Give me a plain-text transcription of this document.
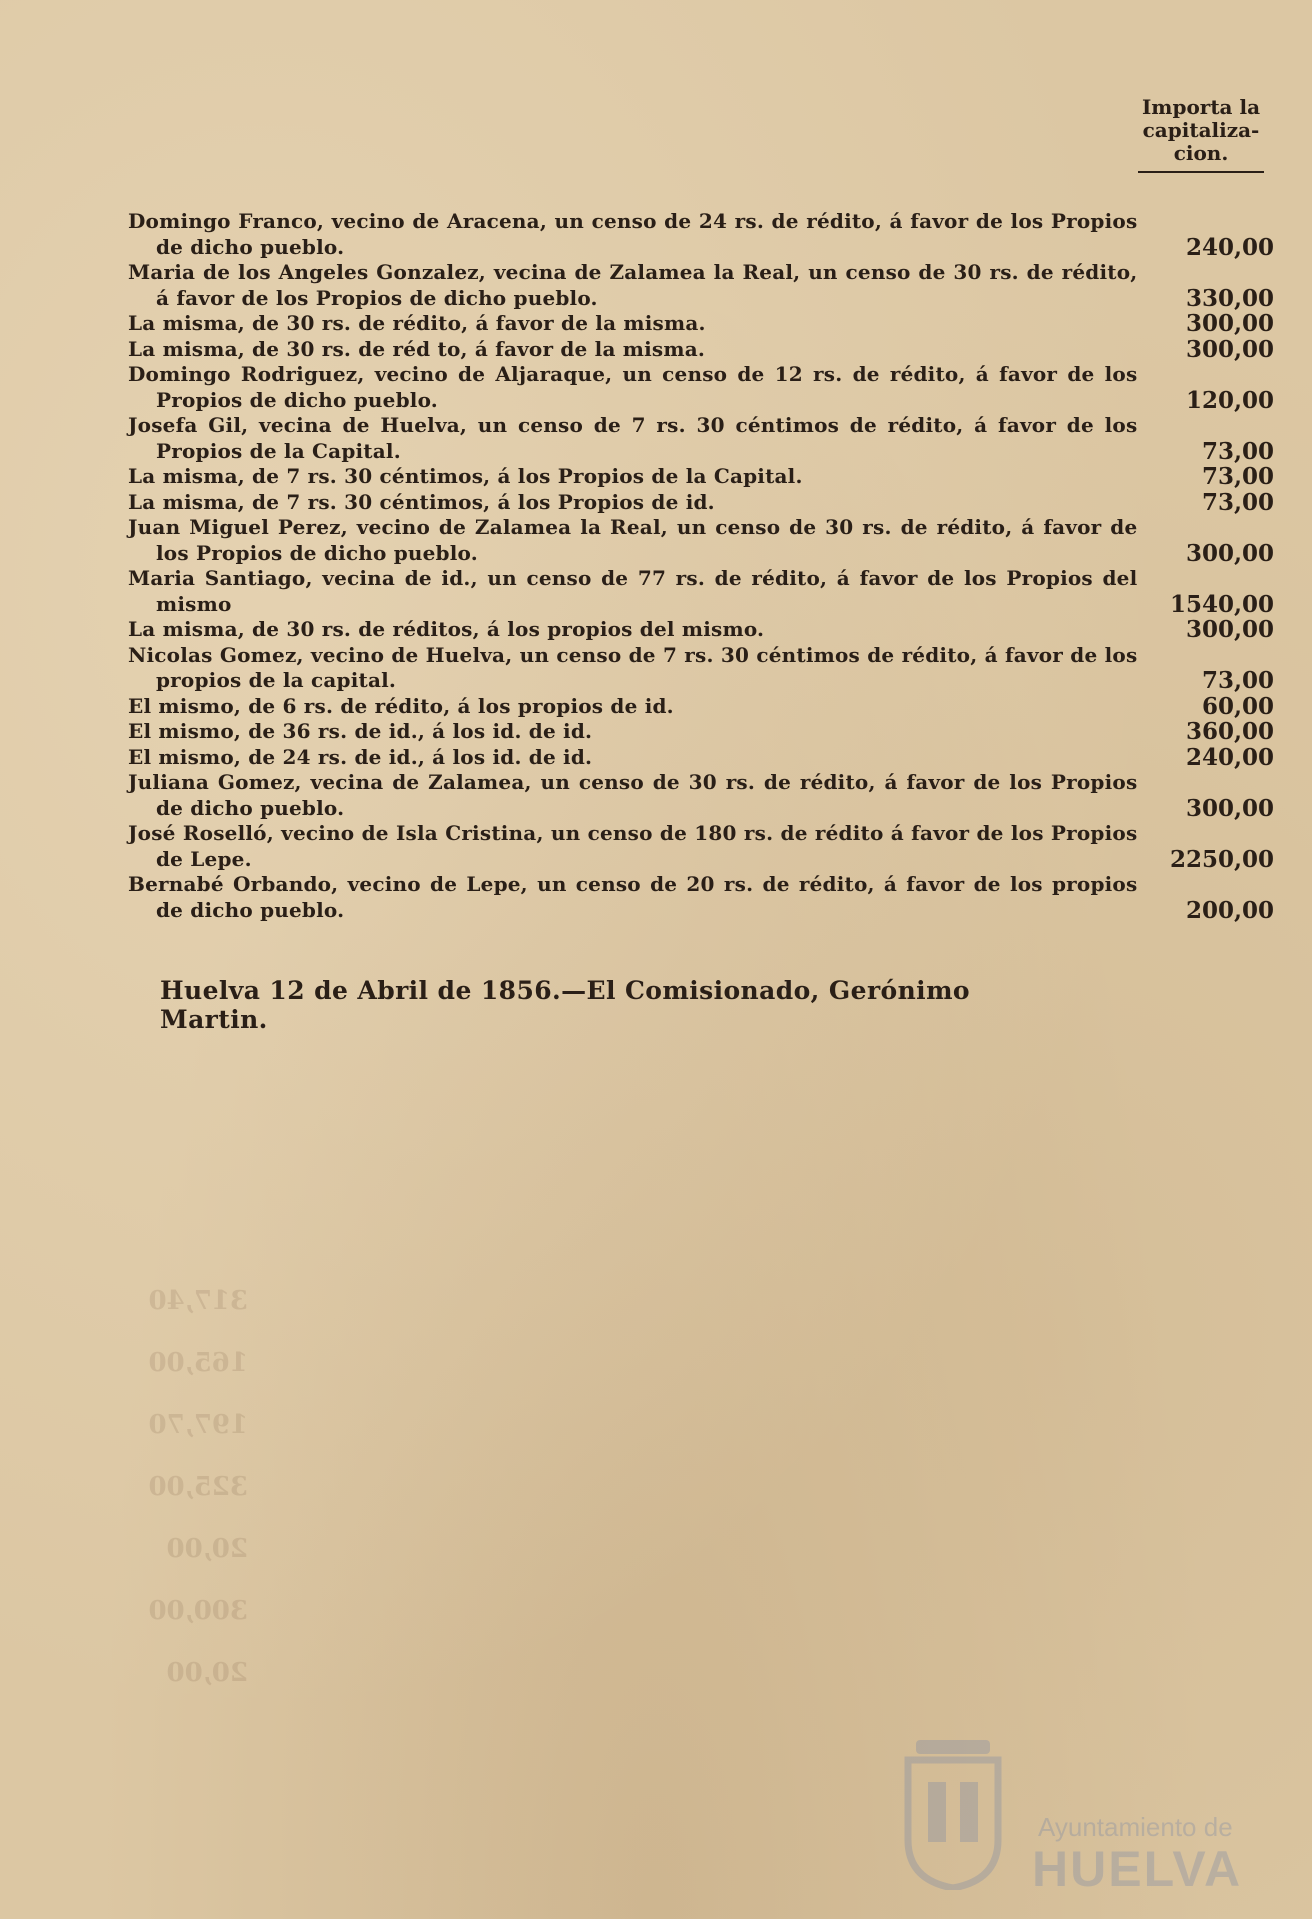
Importa la
capitaliza-
cion.
Domingo Franco, vecino de Aracena, un censo de 24 rs. de rédito, á favor de los Propios de dicho pueblo.	240,00
Maria de los Angeles Gonzalez, vecina de Zalamea la Real, un censo de 30 rs. de rédito, á favor de los Propios de dicho pueblo.	330,00
La misma, de 30 rs. de rédito, á favor de la misma.	300,00
La misma, de 30 rs. de réd to, á favor de la misma.	300,00
Domingo Rodriguez, vecino de Aljaraque, un censo de 12 rs. de rédito, á favor de los Propios de dicho pueblo.	120,00
Josefa Gil, vecina de Huelva, un censo de 7 rs. 30 céntimos de rédito, á favor de los Propios de la Capital.	73,00
La misma, de 7 rs. 30 céntimos, á los Propios de la Capital.	73,00
La misma, de 7 rs. 30 céntimos, á los Propios de id.	73,00
Juan Miguel Perez, vecino de Zalamea la Real, un censo de 30 rs. de rédito, á favor de los Propios de dicho pueblo.	300,00
Maria Santiago, vecina de id., un censo de 77 rs. de rédito, á favor de los Propios del mismo	1540,00
La misma, de 30 rs. de réditos, á los propios del mismo.	300,00
Nicolas Gomez, vecino de Huelva, un censo de 7 rs. 30 céntimos de rédito, á favor de los propios de la capital.	73,00
El mismo, de 6 rs. de rédito, á los propios de id.	60,00
El mismo, de 36 rs. de id., á los id. de id.	360,00
El mismo, de 24 rs. de id., á los id. de id.	240,00
Juliana Gomez, vecina de Zalamea, un censo de 30 rs. de rédito, á favor de los Propios de dicho pueblo.	300,00
José Roselló, vecino de Isla Cristina, un censo de 180 rs. de rédito á favor de los Propios de Lepe.	2250,00
Bernabé Orbando, vecino de Lepe, un censo de 20 rs. de rédito, á favor de los propios de dicho pueblo.	200,00
Huelva 12 de Abril de 1856.—El Comisionado, Gerónimo Martin.
317,40
165,00
197,70
325,00
20,00
300,00
20,00
Ayuntamiento de
HUELVA
